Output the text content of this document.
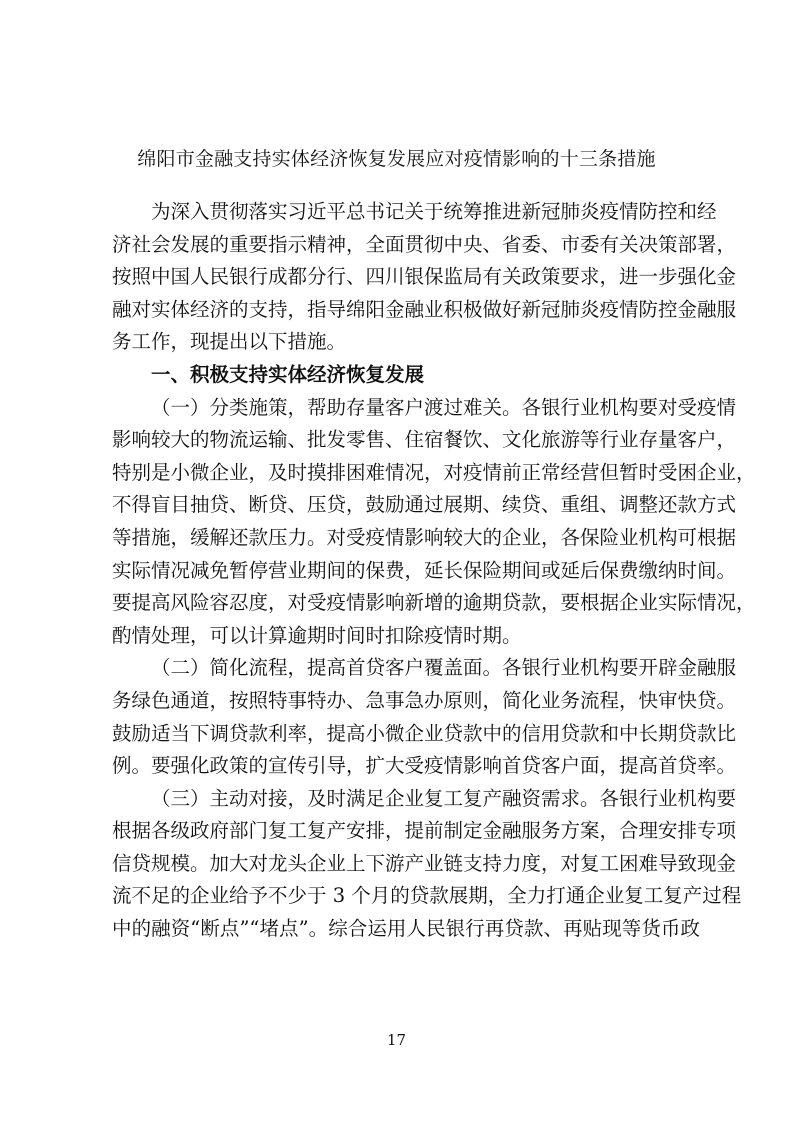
绵阳市金融支持实体经济恢复发展应对疫情影响的十三条措施
为深入贯彻落实习近平总书记关于统筹推进新冠肺炎疫情防控和经
济社会发展的重要指示精神，全面贯彻中央、省委、市委有关决策部署，
按照中国人民银行成都分行、四川银保监局有关政策要求，进一步强化金
融对实体经济的支持，指导绵阳金融业积极做好新冠肺炎疫情防控金融服
务工作，现提出以下措施。
一、积极支持实体经济恢复发展
（一）分类施策，帮助存量客户渡过难关。各银行业机构要对受疫情
影响较大的物流运输、批发零售、住宿餐饮、文化旅游等行业存量客户，
特别是小微企业，及时摸排困难情况，对疫情前正常经营但暂时受困企业，
不得盲目抽贷、断贷、压贷，鼓励通过展期、续贷、重组、调整还款方式
等措施，缓解还款压力。对受疫情影响较大的企业，各保险业机构可根据
实际情况减免暂停营业期间的保费，延长保险期间或延后保费缴纳时间。
要提高风险容忍度，对受疫情影响新增的逾期贷款，要根据企业实际情况，
酌情处理，可以计算逾期时间时扣除疫情时期。
（二）简化流程，提高首贷客户覆盖面。各银行业机构要开辟金融服
务绿色通道，按照特事特办、急事急办原则，简化业务流程，快审快贷。
鼓励适当下调贷款利率，提高小微企业贷款中的信用贷款和中长期贷款比
例。要强化政策的宣传引导，扩大受疫情影响首贷客户面，提高首贷率。
（三）主动对接，及时满足企业复工复产融资需求。各银行业机构要
根据各级政府部门复工复产安排，提前制定金融服务方案，合理安排专项
信贷规模。加大对龙头企业上下游产业链支持力度，对复工困难导致现金
流不足的企业给予不少于 3 个月的贷款展期，全力打通企业复工复产过程
中的融资“断点”“堵点”。综合运用人民银行再贷款、再贴现等货币政
17
